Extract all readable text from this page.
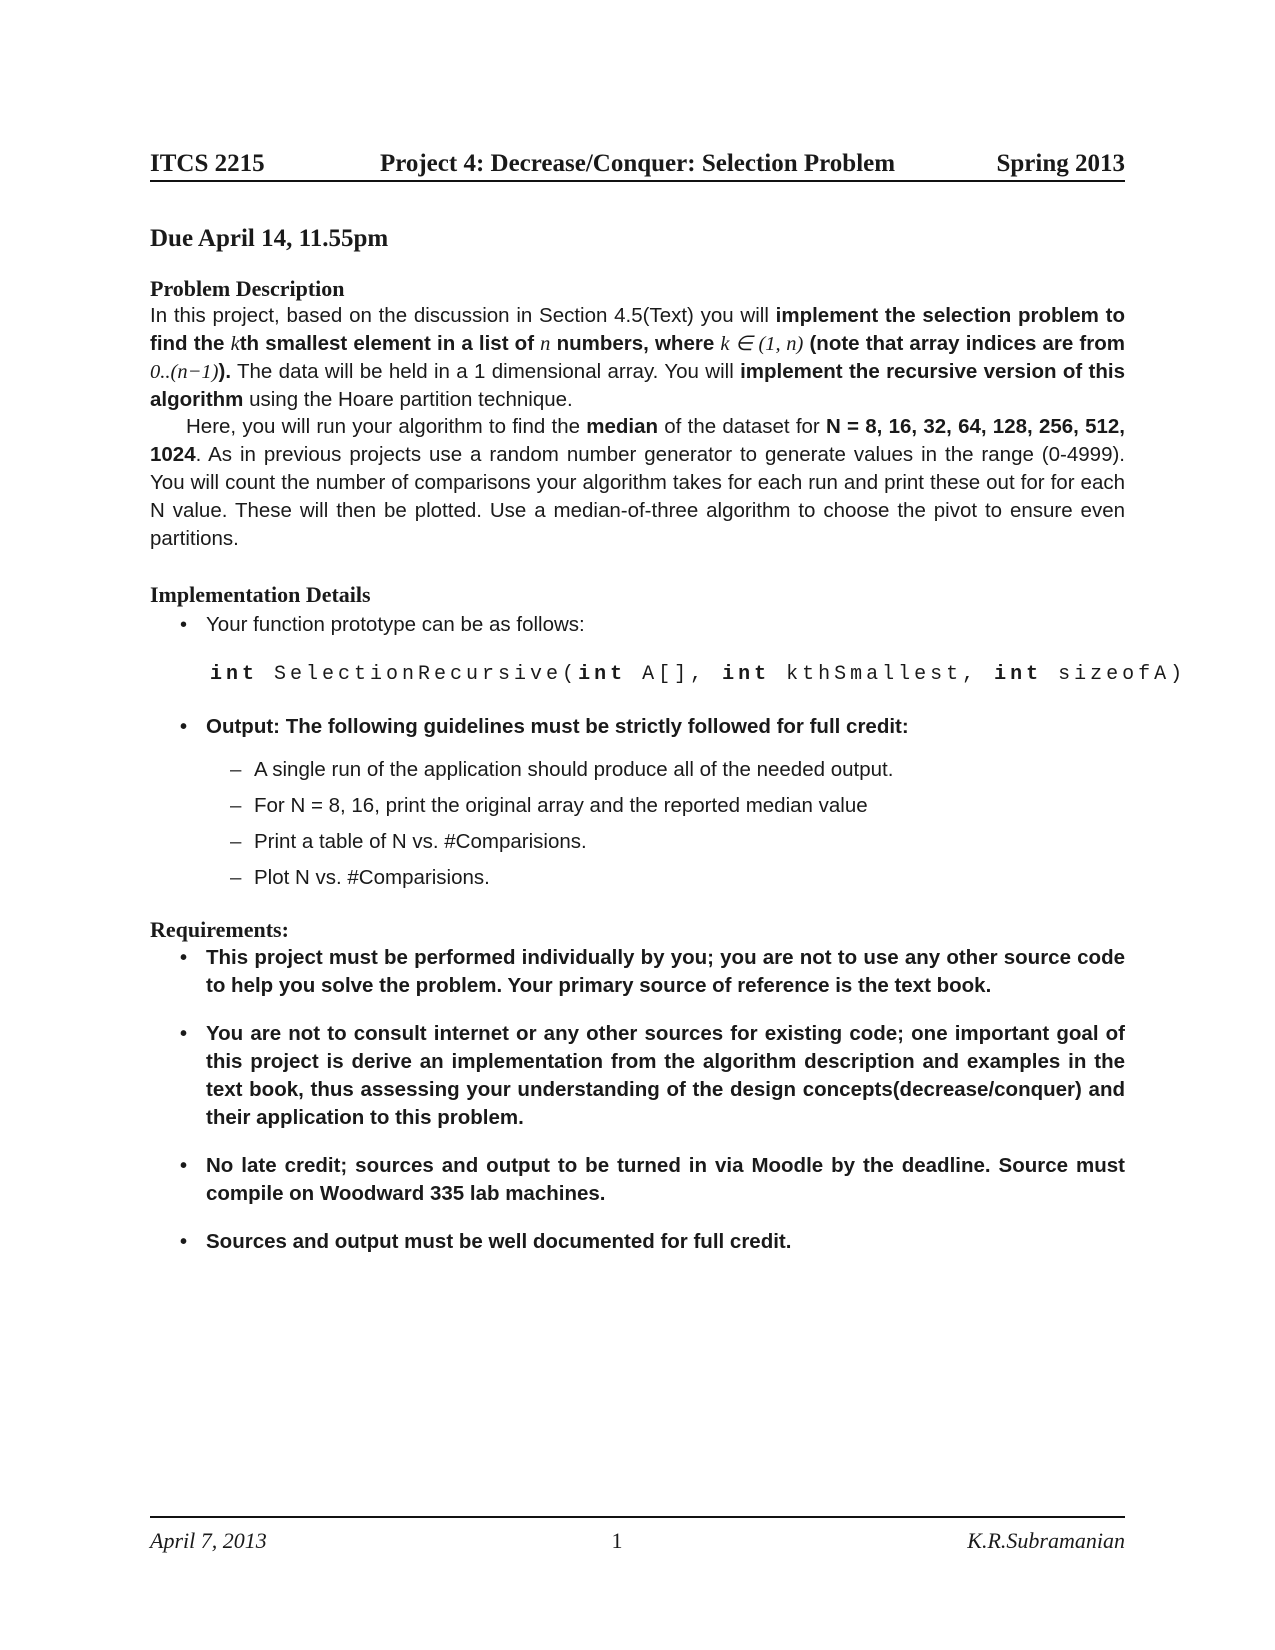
ITCS 2215	Project 4: Decrease/Conquer: Selection Problem	Spring 2013
Due April 14, 11.55pm
Problem Description
In this project, based on the discussion in Section 4.5(Text) you will implement the selection problem to find the kth smallest element in a list of n numbers, where k ∈ (1, n) (note that array indices are from 0..(n−1)). The data will be held in a 1 dimensional array. You will implement the recursive version of this algorithm using the Hoare partition technique.
Here, you will run your algorithm to find the median of the dataset for N = 8, 16, 32, 64, 128, 256, 512, 1024. As in previous projects use a random number generator to generate values in the range (0-4999). You will count the number of comparisons your algorithm takes for each run and print these out for for each N value. These will then be plotted. Use a median-of-three algorithm to choose the pivot to ensure even partitions.
Implementation Details
• Your function prototype can be as follows:
int SelectionRecursive(int A[], int kthSmallest, int sizeofA)
• Output: The following guidelines must be strictly followed for full credit:
– A single run of the application should produce all of the needed output.
– For N = 8, 16, print the original array and the reported median value
– Print a table of N vs. #Comparisions.
– Plot N vs. #Comparisions.
Requirements:
• This project must be performed individually by you; you are not to use any other source code to help you solve the problem. Your primary source of reference is the text book.
• You are not to consult internet or any other sources for existing code; one important goal of this project is derive an implementation from the algorithm description and examples in the text book, thus assessing your understanding of the design concepts(decrease/conquer) and their application to this problem.
• No late credit; sources and output to be turned in via Moodle by the deadline. Source must compile on Woodward 335 lab machines.
• Sources and output must be well documented for full credit.
April 7, 2013	1	K.R.Subramanian
